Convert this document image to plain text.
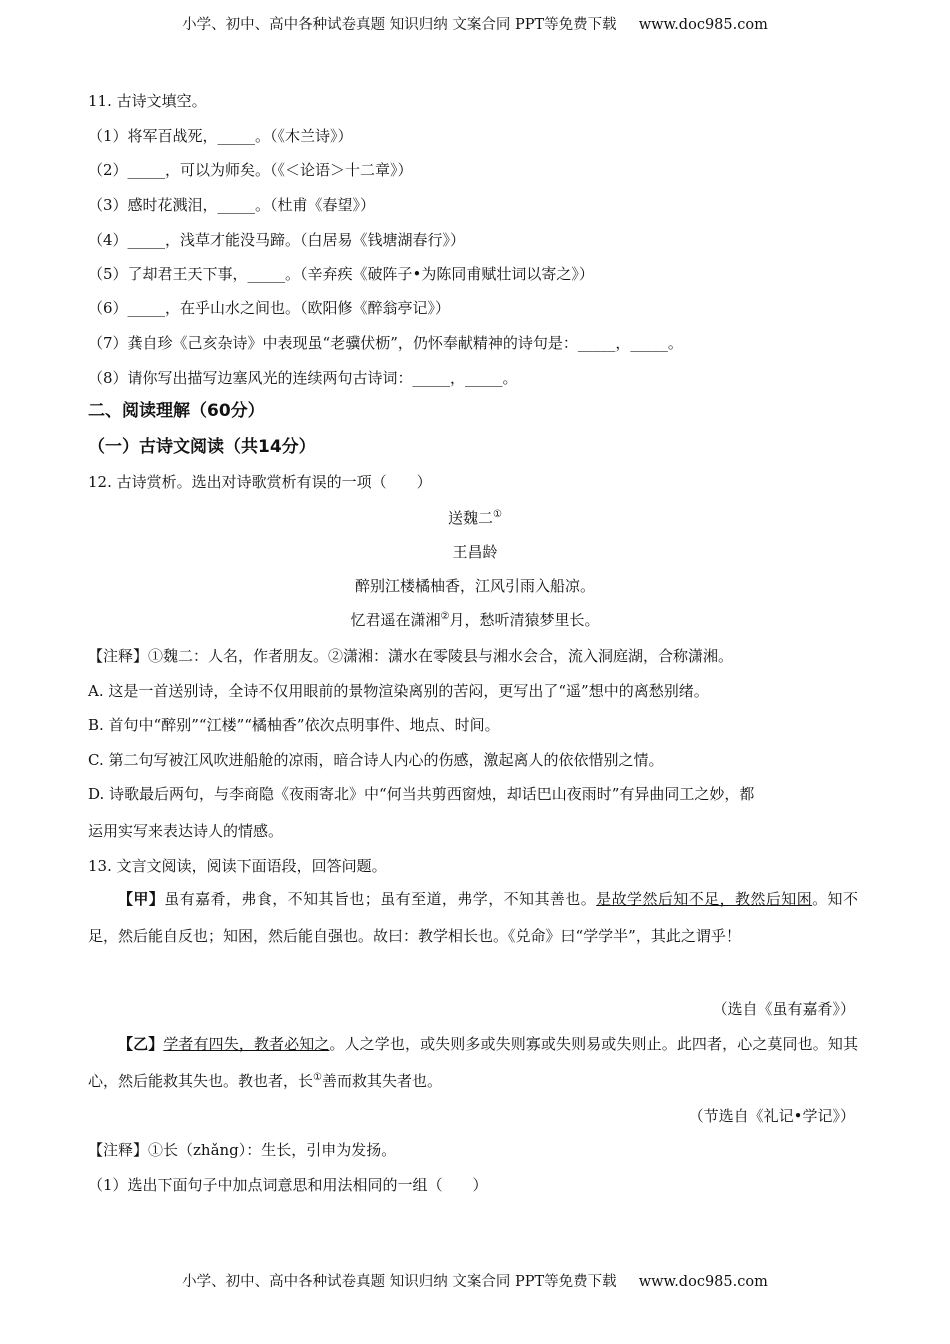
小学、初中、高中各种试卷真题 知识归纳 文案合同 PPT等免费下载 www.doc985.com
11. 古诗文填空。
（1）将军百战死，_____。（《木兰诗》）
（2）_____，可以为师矣。（《＜论语＞十二章》）
（3）感时花溅泪，_____。（杜甫《春望》）
（4）_____，浅草才能没马蹄。（白居易《钱塘湖春行》）
（5）了却君王天下事，_____。（辛弃疾《破阵子•为陈同甫赋壮词以寄之》）
（6）_____，在乎山水之间也。（欧阳修《醉翁亭记》）
（7）龚自珍《己亥杂诗》中表现虽“老骥伏枥”，仍怀奉献精神的诗句是：_____，_____。
（8）请你写出描写边塞风光的连续两句古诗词：_____，_____。
二、阅读理解（60分）
（一）古诗文阅读（共14分）
12. 古诗赏析。选出对诗歌赏析有误的一项（　　）
送魏二①
王昌龄
醉别江楼橘柚香，江风引雨入船凉。
忆君遥在潇湘②月，愁听清猿梦里长。
【注释】①魏二：人名，作者朋友。②潇湘：潇水在零陵县与湘水会合，流入洞庭湖，合称潇湘。
A. 这是一首送别诗，全诗不仅用眼前的景物渲染离别的苦闷，更写出了“遥”想中的离愁别绪。
B. 首句中“醉别”“江楼”“橘柚香”依次点明事件、地点、时间。
C. 第二句写被江风吹进船舱的凉雨，暗合诗人内心的伤感，激起离人的依依惜别之情。
D. 诗歌最后两句，与李商隐《夜雨寄北》中“何当共剪西窗烛，却话巴山夜雨时”有异曲同工之妙，都
运用实写来表达诗人的情感。
13. 文言文阅读，阅读下面语段，回答问题。
【甲】虽有嘉肴，弗食，不知其旨也；虽有至道，弗学，不知其善也。是故学然后知不足，教然后知困。知不足，然后能自反也；知困，然后能自强也。故曰：教学相长也。《兑命》曰“学学半”，其此之谓乎！
（选自《虽有嘉肴》）
【乙】学者有四失，教者必知之。人之学也，或失则多或失则寡或失则易或失则止。此四者，心之莫同也。知其心，然后能救其失也。教也者，长①善而救其失者也。
（节选自《礼记•学记》）
【注释】①长（zhǎng）：生长，引申为发扬。
（1）选出下面句子中加点词意思和用法相同的一组（　　）
小学、初中、高中各种试卷真题 知识归纳 文案合同 PPT等免费下载 www.doc985.com
